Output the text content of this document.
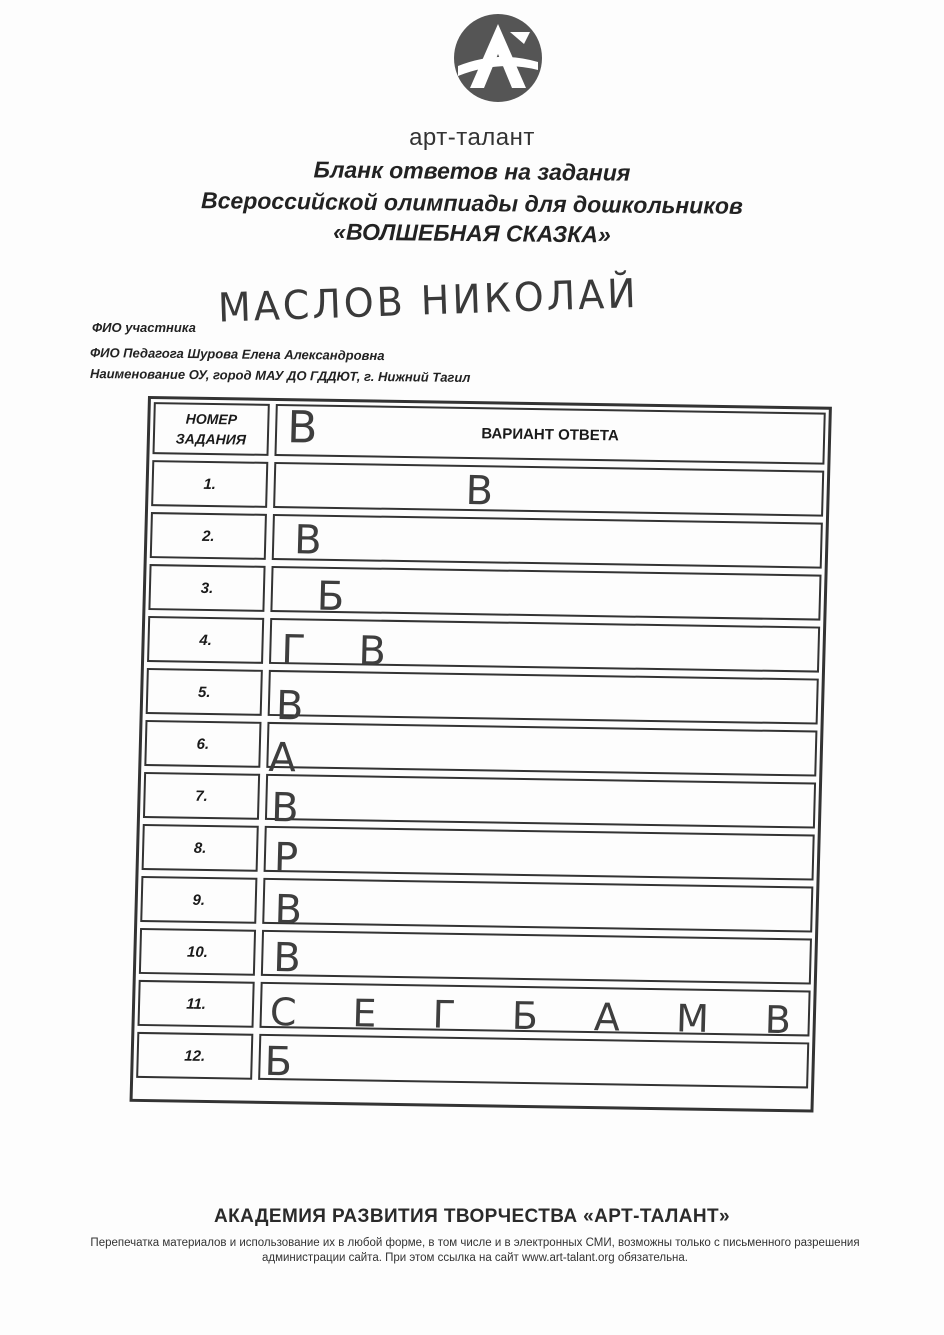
арт-талант
Бланк ответов на задания
Всероссийской олимпиады для дошкольников
«ВОЛШЕБНАЯ СКАЗКА»
ФИО участника МАСЛОВ НИКОЛАЙ
ФИО Педагога Шурова Елена Александровна
Наименование ОУ, город МАУ ДО ГДДЮТ, г. Нижний Тагил
НОМЕР
ЗАДАНИЯ	ВАРИАНТ ОТВЕТА
В
1.	В
2.	В
3.	Б
4.	Г В
5.	В
6.	А
7.	В
8.	Р
9.	В
10.	В
11.	С Е Г Б А М В
12.	Б
АКАДЕМИЯ РАЗВИТИЯ ТВОРЧЕСТВА «АРТ-ТАЛАНТ»
Перепечатка материалов и использование их в любой форме, в том числе и в электронных СМИ, возможны только с письменного разрешения администрации сайта. При этом ссылка на сайт www.art-talant.org обязательна.
